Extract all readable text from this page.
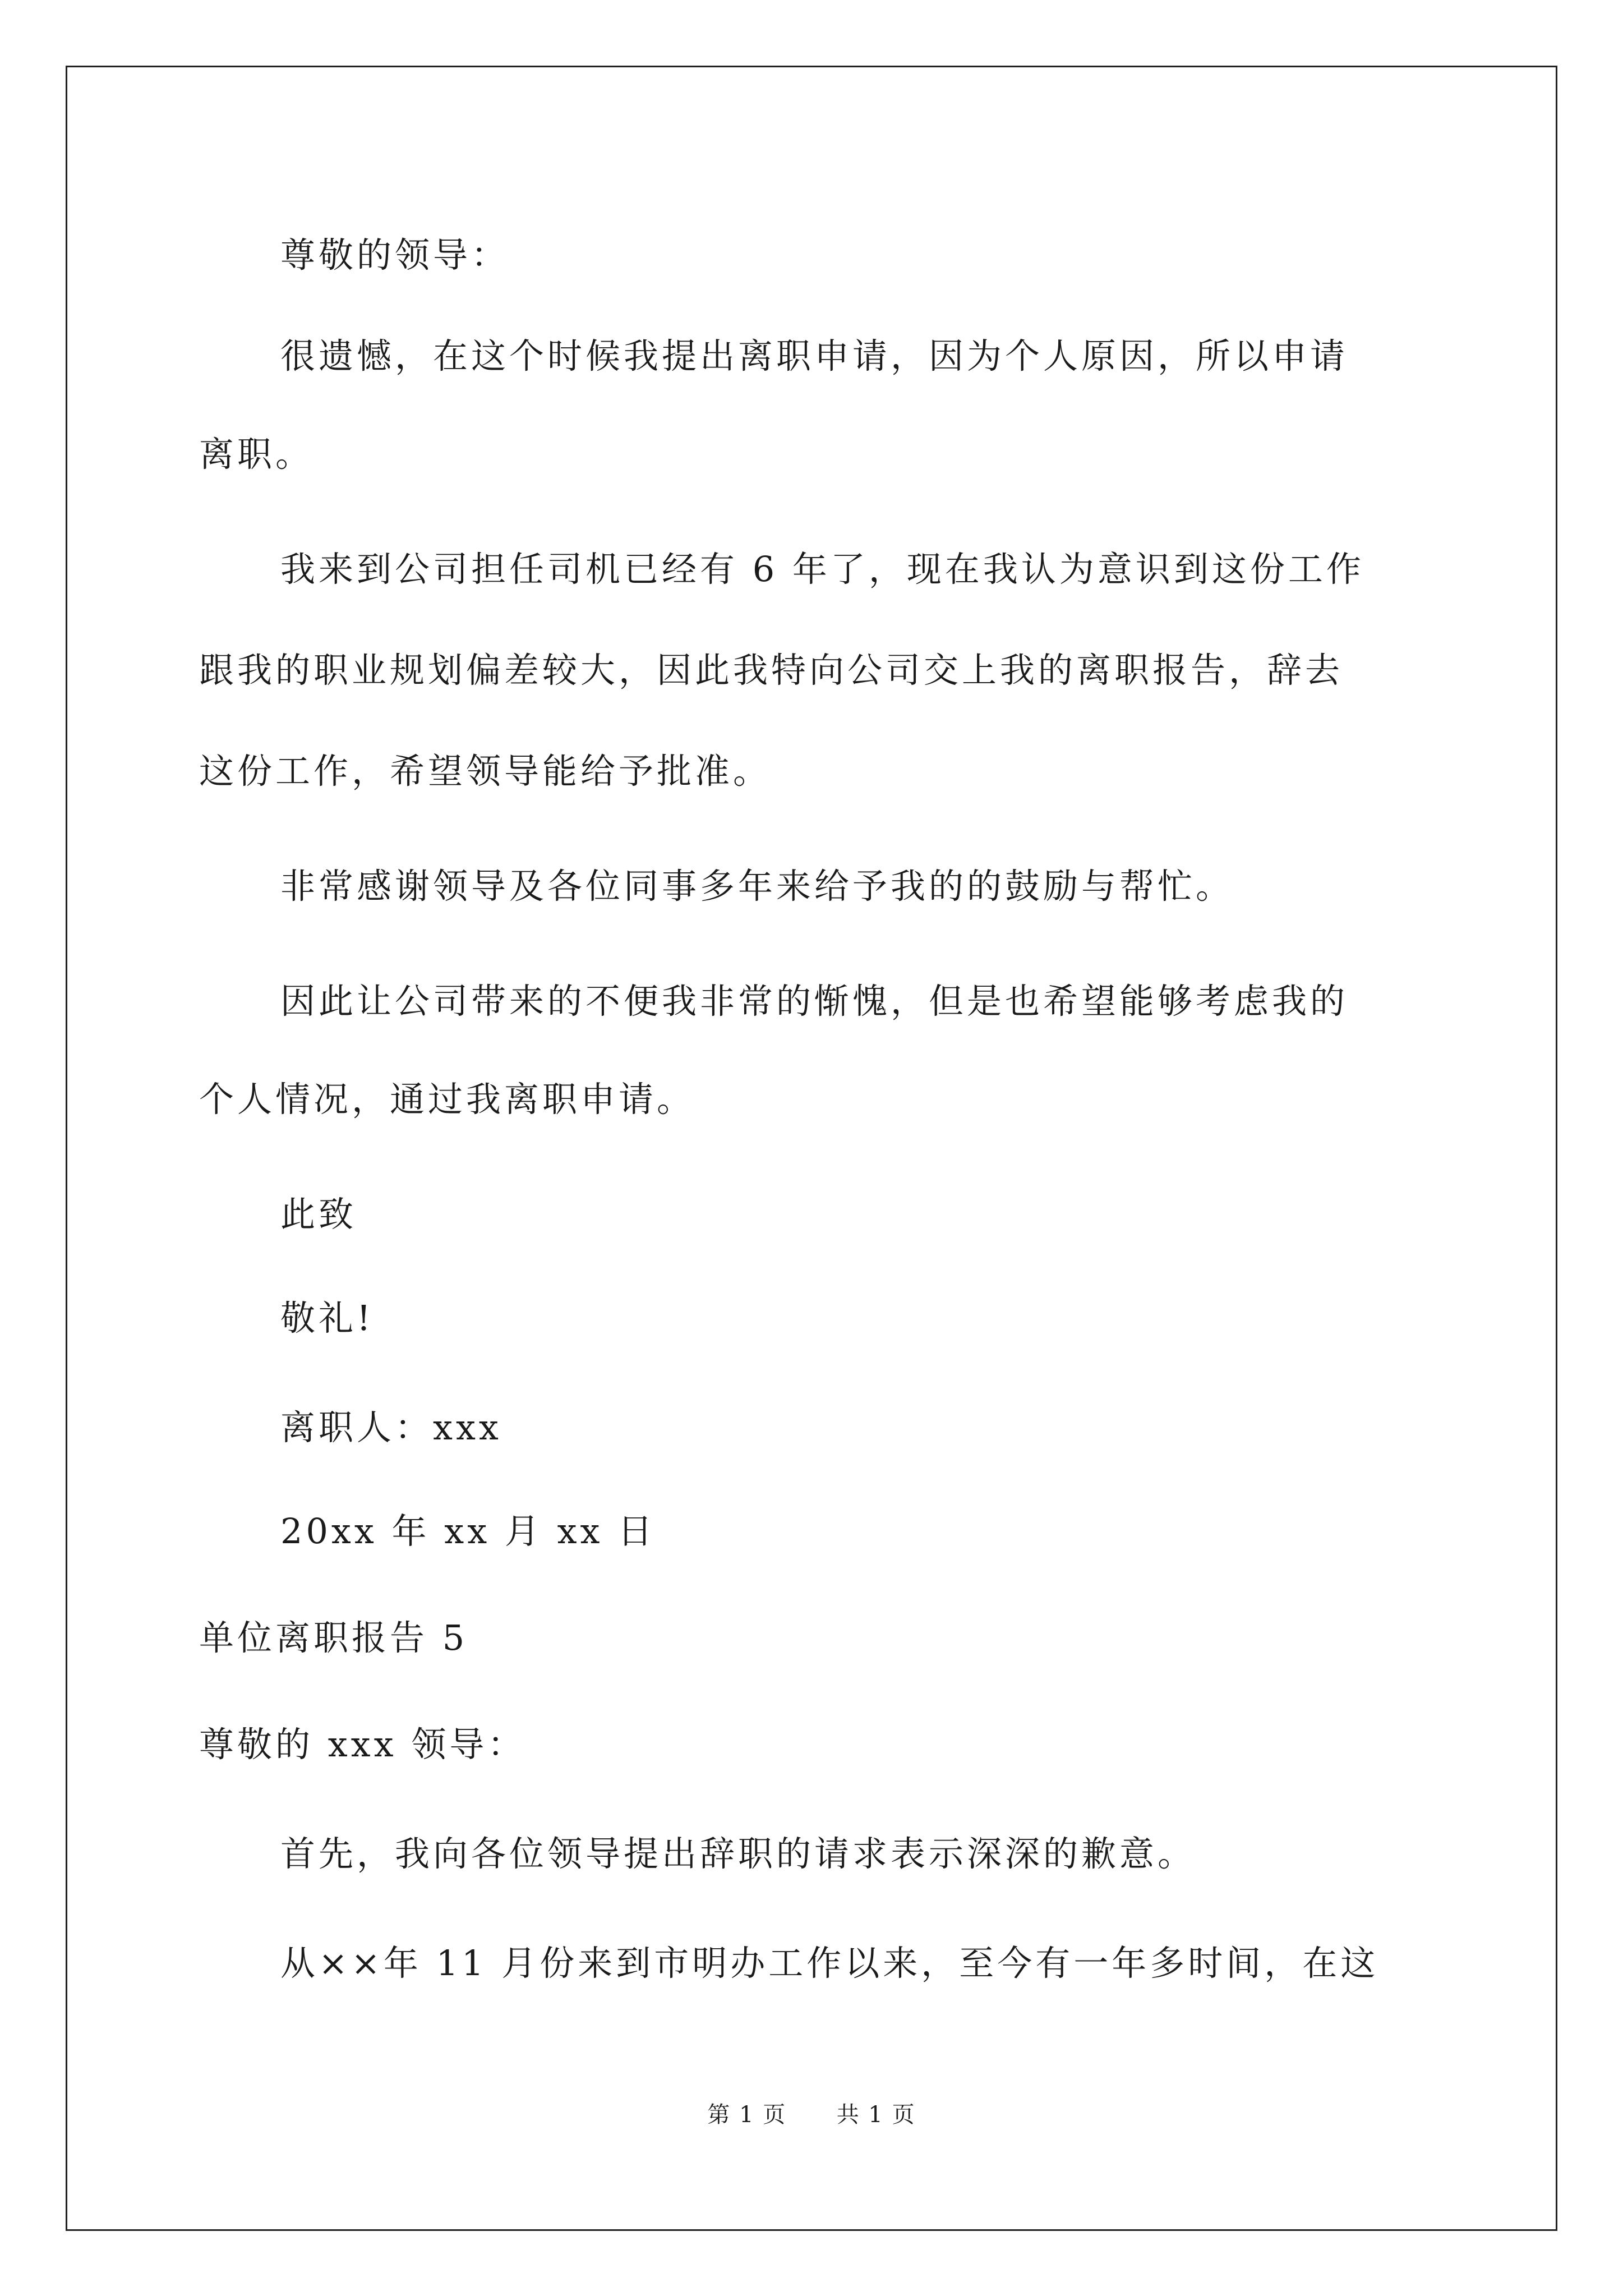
尊敬的领导：
很遗憾，在这个时候我提出离职申请，因为个人原因，所以申请
离职。
我来到公司担任司机已经有 6 年了，现在我认为意识到这份工作
跟我的职业规划偏差较大，因此我特向公司交上我的离职报告，辞去
这份工作，希望领导能给予批准。
非常感谢领导及各位同事多年来给予我的的鼓励与帮忙。
因此让公司带来的不便我非常的惭愧，但是也希望能够考虑我的
个人情况，通过我离职申请。
此致
敬礼!
离职人：xxx
20xx 年 xx 月 xx 日
单位离职报告 5
尊敬的 xxx 领导：
首先，我向各位领导提出辞职的请求表示深深的歉意。
从××年 11 月份来到市明办工作以来，至今有一年多时间，在这
第 1 页 共 1 页
